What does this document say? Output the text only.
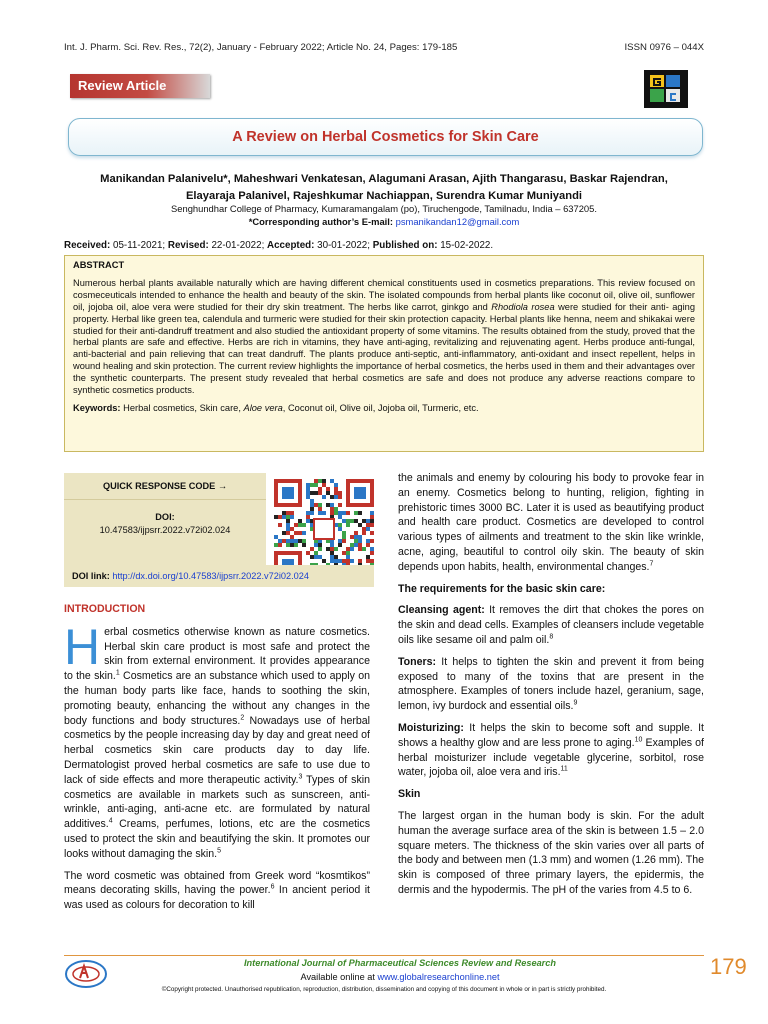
Int. J. Pharm. Sci. Rev. Res., 72(2), January - February 2022; Article No. 24, Pages: 179-185	ISSN 0976 – 044X
Review Article
A Review on Herbal Cosmetics for Skin Care
Manikandan Palanivelu*, Maheshwari Venkatesan, Alagumani Arasan, Ajith Thangarasu, Baskar Rajendran,
Elayaraja Palanivel, Rajeshkumar Nachiappan, Surendra Kumar Muniyandi
Senghundhar College of Pharmacy, Kumaramangalam (po), Tiruchengode, Tamilnadu, India – 637205.
*Corresponding author’s E-mail: psmanikandan12@gmail.com
Received: 05-11-2021; Revised: 22-01-2022; Accepted: 30-01-2022; Published on: 15-02-2022.
ABSTRACT
Numerous herbal plants available naturally which are having different chemical constituents used in cosmetics preparations. This review focused on cosmeceuticals intended to enhance the health and beauty of the skin. The isolated compounds from herbal plants like coconut oil, olive oil, sunflower oil, jojoba oil, aloe vera were studied for their dry skin treatment. The herbs like carrot, ginkgo and Rhodiola rosea were studied for their anti- aging property. Herbal like green tea, calendula and turmeric were studied for their skin protection capacity. Herbal plants like henna, neem and shikakai were studied for their anti-dandruff treatment and also studied the antioxidant property of some vitamins. The results obtained from the study, proved that the herbal plants are safe and effective. Herbs are rich in vitamins, they have anti-aging, revitalizing and rejuvenating agent. Herbs produce anti-fungal, anti-bacterial and pain relieving that can treat dandruff. The plants produce anti-septic, anti-inflammatory, anti-oxidant and insect repellent, helps in wound healing and skin protection. The current review highlights the importance of herbal cosmetics, the herbs used in them and their advantages over the synthetic counterparts. The present study revealed that herbal cosmetics are safe and does not produce any adverse reactions compare to synthetic cosmetics products.
Keywords: Herbal cosmetics, Skin care, Aloe vera, Coconut oil, Olive oil, Jojoba oil, Turmeric, etc.
QUICK RESPONSE CODE →
DOI:
10.47583/ijpsrr.2022.v72i02.024
DOI link: http://dx.doi.org/10.47583/ijpsrr.2022.v72i02.024
INTRODUCTION

Herbal cosmetics otherwise known as nature cosmetics. Herbal skin care product is most safe and protect the skin from external environment. It provides appearance to the skin.$^1$ Cosmetics are an substance which used to apply on the human body parts like face, hands to soothing the skin, promoting beauty, enhancing the without any changes in the body functions and body structures.$^2$ Nowadays use of herbal cosmetics by the people increasing day by day and great need of herbal cosmetics skin care products day to day life. Dermatologist proved herbal cosmetics are safe to use due to lack of side effects and more therapeutic activity.$^3$ Types of skin cosmetics are available in markets such as sunscreen, anti-wrinkle, anti-aging, anti-acne etc. are formulated by natural additives.$^4$ Creams, perfumes, lotions, etc are the cosmetics used to protect the skin and beautifying the skin. It promotes our looks without damaging the skin.$^5$

The word cosmetic was obtained from Greek word “kosmtikos” means decorating skills, having the power.$^6$ In ancient period it was used as colours for decoration to kill

the animals and enemy by colouring his body to provoke fear in an enemy. Cosmetics belong to hunting, religion, fighting in prehistoric times 3000 BC. Later it is used as beautifying product and health care product. Cosmetics are developed to control various types of ailments and treatment to the skin like wrinkle, acne, aging, beautiful to control oily skin. The beauty of skin depends upon habits, health, environmental changes.$^7$

The requirements for the basic skin care:

Cleansing agent: It removes the dirt that chokes the pores on the skin and dead cells. Examples of cleansers include vegetable oils like sesame oil and palm oil.$^8$

Toners: It helps to tighten the skin and prevent it from being exposed to many of the toxins that are present in the atmosphere. Examples of toners include hazel, geranium, sage, lemon, ivy burdock and essential oils.$^9$

Moisturizing: It helps the skin to become soft and supple. It shows a healthy glow and are less prone to aging.$^{10}$ Examples of herbal moisturizer include vegetable glycerine, sorbitol, rose water, jojoba oil, aloe vera and iris.$^{11}$

Skin

The largest organ in the human body is skin. For the adult human the average surface area of the skin is between 1.5 – 2.0 square meters. The thickness of the skin varies over all parts of the body and between men (1.3 mm) and women (1.26 mm). The skin is composed of three primary layers, the epidermis, the dermis and the hypodermis. The pH of the varies from 4.5 to 6.

International Journal of Pharmaceutical Sciences Review and Research
Available online at www.globalresearchonline.net
©Copyright protected. Unauthorised republication, reproduction, distribution, dissemination and copying of this document in whole or in part is strictly prohibited.
179
